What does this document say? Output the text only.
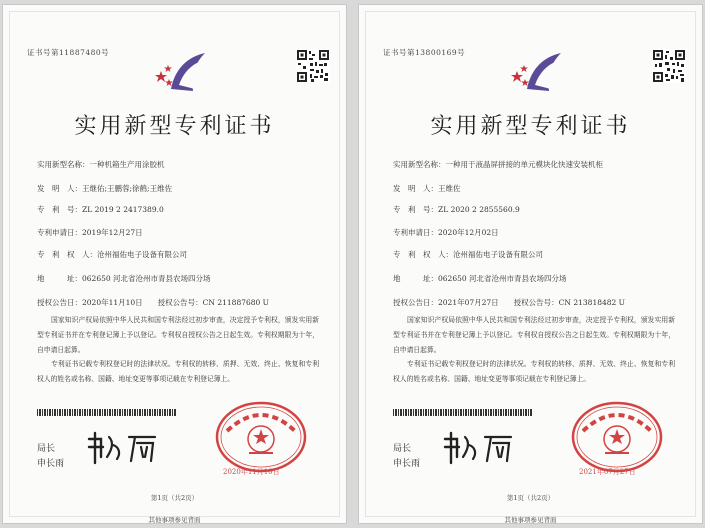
证书号第11887480号
实用新型专利证书
实用新型名称：一种机箱生产用涂胶机
发　明　人：王继佑;王鹏蓉;徐鹤;王维佐
专　利　号：ZL 2019 2 2417389.0
专利申请日：2019年12月27日
专　利　权　人：沧州福佑电子设备有限公司
地　　　址：062650 河北省沧州市青县农场四分场
授权公告日：2020年11月10日　　授权公告号：CN 211887680 U
国家知识产权局依照中华人民共和国专利法经过初步审查，决定授予专利权，颁发实用新型专利证书并在专利登记簿上予以登记。专利权自授权公告之日起生效。专利权期限为十年，自申请日起算。
专利证书记载专利权登记时的法律状况。专利权的转移、质押、无效、终止、恢复和专利权人的姓名或名称、国籍、地址变更等事项记载在专利登记簿上。
局长
申长雨
2020年11月10日
第1页（共2页）
其他事项参见背面
证书号第13800169号
实用新型专利证书
实用新型名称：一种用于液晶屏拼接的单元模块化快速安装机柜
发　明　人：王维佐
专　利　号：ZL 2020 2 2855560.9
专利申请日：2020年12月02日
专　利　权　人：沧州福佑电子设备有限公司
地　　　址：062650 河北省沧州市青县农场四分场
授权公告日：2021年07月27日　　授权公告号：CN 213818482 U
国家知识产权局依照中华人民共和国专利法经过初步审查，决定授予专利权，颁发实用新型专利证书并在专利登记簿上予以登记。专利权自授权公告之日起生效。专利权期限为十年，自申请日起算。
专利证书记载专利权登记时的法律状况。专利权的转移、质押、无效、终止、恢复和专利权人的姓名或名称、国籍、地址变更等事项记载在专利登记簿上。
局长
申长雨
2021年07月27日
第1页（共2页）
其他事项参见背面
